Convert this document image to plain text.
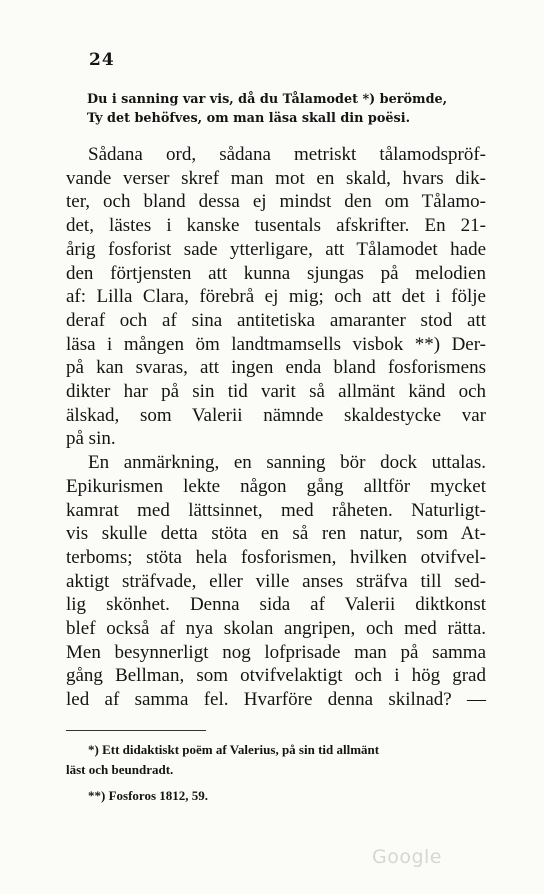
24
Du i sanning var vis, då du Tålamodet *) berömde,
Ty det behöfves, om man läsa skall din poësi.
Sådana ord, sådana metriskt tålamodspröf-
vande verser skref man mot en skald, hvars dik-
ter, och bland dessa ej mindst den om Tålamo-
det, lästes i kanske tusentals afskrifter. En 21-
årig fosforist sade ytterligare, att Tålamodet hade
den förtjensten att kunna sjungas på melodien
af: Lilla Clara, förebrå ej mig; och att det i följe
deraf och af sina antitetiska amaranter stod att
läsa i mången öm landtmamsells visbok **) Der-
på kan svaras, att ingen enda bland fosforismens
dikter har på sin tid varit så allmänt känd och
älskad, som Valerii nämnde skaldestycke var
på sin.
En anmärkning, en sanning bör dock uttalas.
Epikurismen lekte någon gång alltför mycket
kamrat med lättsinnet, med råheten. Naturligt-
vis skulle detta stöta en så ren natur, som At-
terboms; stöta hela fosforismen, hvilken otvifvel-
aktigt sträfvade, eller ville anses sträfva till sed-
lig skönhet. Denna sida af Valerii diktkonst
blef också af nya skolan angripen, och med rätta.
Men besynnerligt nog lofprisade man på samma
gång Bellman, som otvifvelaktigt och i hög grad
led af samma fel. Hvarföre denna skilnad? —
*) Ett didaktiskt poëm af Valerius, på sin tid allmänt
läst och beundradt.
**) Fosforos 1812, 59.
Google
